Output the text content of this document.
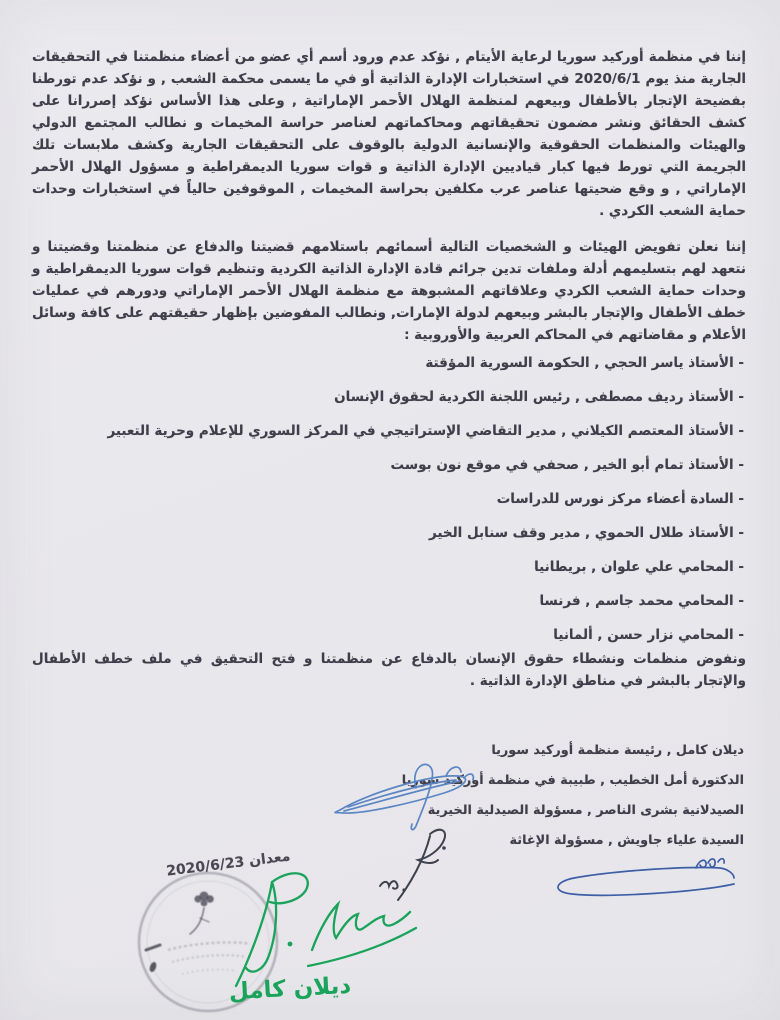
إننا في منظمة أوركيد سوريا لرعاية الأيتام , نؤكد عدم ورود أسم أي عضو من أعضاء منظمتنا في التحقيقات الجارية منذ يوم 2020/6/1 في استخبارات الإدارة الذاتية أو في ما يسمى محكمة الشعب , و نؤكد عدم تورطنا بفضيحة الإتجار بالأطفال وبيعهم لمنظمة الهلال الأحمر الإماراتية , وعلى هذا الأساس نؤكد إصررانا على كشف الحقائق ونشر مضمون تحقيقاتهم ومحاكماتهم لعناصر حراسة المخيمات و نطالب المجتمع الدولي والهيئات والمنظمات الحقوقية والإنسانية الدولية بالوقوف على التحقيقات الجارية وكشف ملابسات تلك الجريمة التي تورط فيها كبار قياديين الإدارة الذاتية و قوات سوريا الديمقراطية و مسؤول الهلال الأحمر الإماراتي , و وقع ضحيتها عناصر عرب مكلفين بحراسة المخيمات , الموقوفين حالياً في استخبارات وحدات حماية الشعب الكردي .
إننا نعلن تفويض الهيئات و الشخصيات التالية أسمائهم باستلامهم قضيتنا والدفاع عن منظمتنا وقضيتنا و نتعهد لهم بتسليمهم أدلة وملفات تدين جرائم قادة الإدارة الذاتية الكردية وتنظيم قوات سوريا الديمقراطية و وحدات حماية الشعب الكردي وعلاقاتهم المشبوهة مع منظمة الهلال الأحمر الإماراتي ودورهم في عمليات خطف الأطفال والإتجار بالبشر وبيعهم لدولة الإمارات, ونطالب المفوضين بإظهار حقيقتهم على كافة وسائل الأعلام و مقاضاتهم في المحاكم العربية والأوروبية :
- الأستاذ ياسر الحجي , الحكومة السورية المؤقتة
- الأستاذ رديف مصطفى , رئيس اللجنة الكردية لحقوق الإنسان
- الأستاذ المعتصم الكيلاني , مدير التقاضي الإستراتيجي في المركز السوري للإعلام وحرية التعبير
- الأستاذ تمام أبو الخير , صحفي في موقع نون بوست
- السادة أعضاء مركز نورس للدراسات
- الأستاذ طلال الحموي , مدير وقف سنابل الخير
- المحامي علي علوان , بريطانيا
- المحامي محمد جاسم , فرنسا
- المحامي نزار حسن , ألمانيا
ونفوض منظمات ونشطاء حقوق الإنسان بالدفاع عن منظمتنا و فتح التحقيق في ملف خطف الأطفال والإتجار بالبشر في مناطق الإدارة الذاتية .
ديلان كامل , رئيسة منظمة أوركيد سوريا
الدكتورة أمل الخطيب , طبيبة في منظمة أوركيد سوريا
الصيدلانية بشرى الناصر , مسؤولة الصيدلية الخيرية
السيدة علياء جاويش , مسؤولة الإغاثة
معدان 2020/6/23
ديلان كامل
